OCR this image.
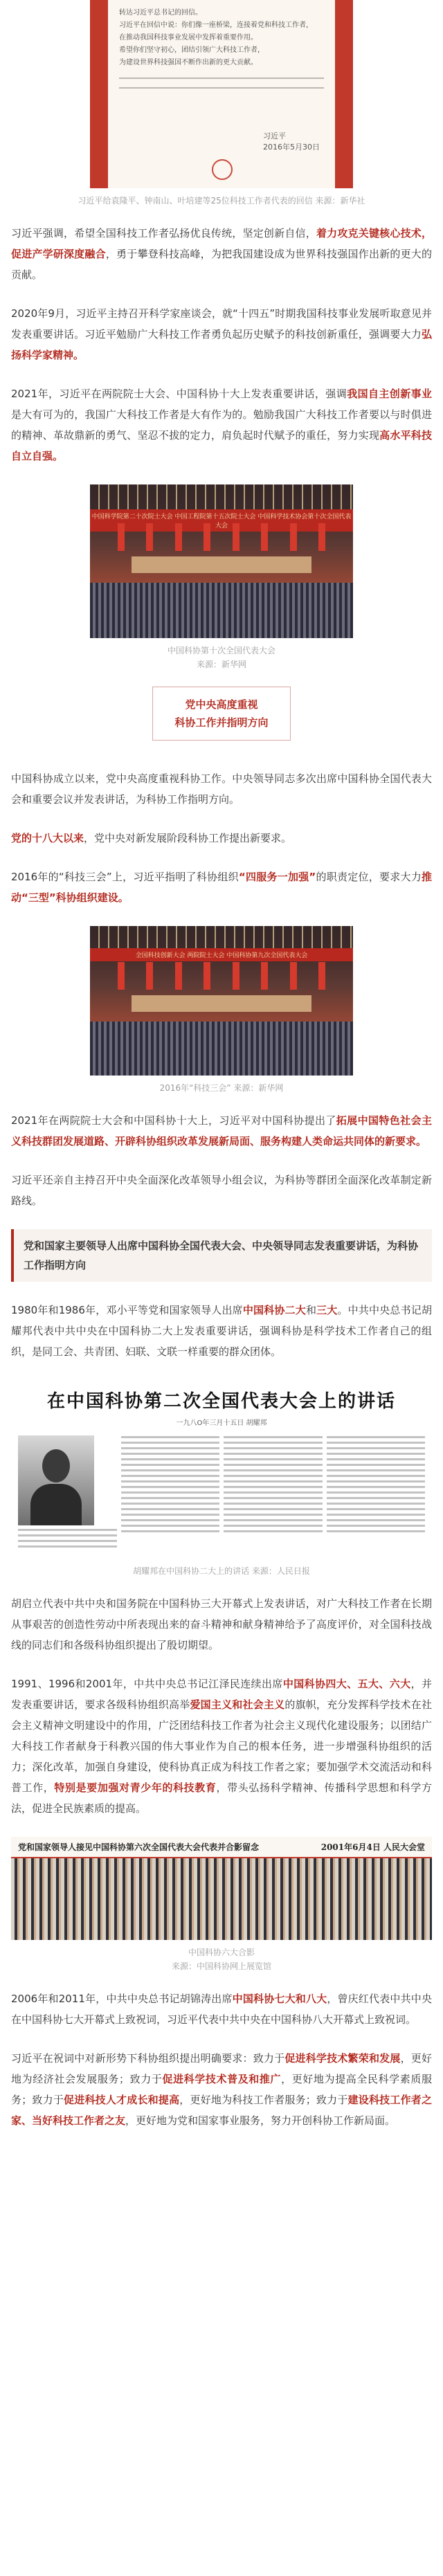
转达习近平总书记的回信。
习近平在回信中说：你们像一座桥梁，连接着党和科技工作者，
在推动我国科技事业发展中发挥着重要作用。
希望你们坚守初心，团结引领广大科技工作者，
为建设世界科技强国不断作出新的更大贡献。
习近平
2016年5月30日
习近平给袁隆平、钟南山、叶培建等25位科技工作者代表的回信 来源：新华社

习近平强调，希望全国科技工作者弘扬优良传统，坚定创新自信，着力攻克关键核心技术，促进产学研深度融合，勇于攀登科技高峰，为把我国建设成为世界科技强国作出新的更大的贡献。

2020年9月，习近平主持召开科学家座谈会，就“十四五”时期我国科技事业发展听取意见并发表重要讲话。习近平勉励广大科技工作者勇负起历史赋予的科技创新重任，强调要大力弘扬科学家精神。

2021年，习近平在两院院士大会、中国科协十大上发表重要讲话，强调我国自主创新事业是大有可为的，我国广大科技工作者是大有作为的。勉励我国广大科技工作者要以与时俱进的精神、革故鼎新的勇气、坚忍不拔的定力，肩负起时代赋予的重任，努力实现高水平科技自立自强。

中国科学院第二十次院士大会 中国工程院第十五次院士大会 中国科学技术协会第十次全国代表大会
中国科协第十次全国代表大会
来源：新华网
党中央高度重视
科协工作并指明方向

中国科协成立以来，党中央高度重视科协工作。中央领导同志多次出席中国科协全国代表大会和重要会议并发表讲话，为科协工作指明方向。

党的十八大以来，党中央对新发展阶段科协工作提出新要求。

2016年的“科技三会”上，习近平指明了科协组织“四服务一加强”的职责定位，要求大力推动“三型”科协组织建设。

全国科技创新大会 两院院士大会 中国科协第九次全国代表大会
2016年“科技三会” 来源：新华网

2021年在两院院士大会和中国科协十大上，习近平对中国科协提出了拓展中国特色社会主义科技群团发展道路、开辟科协组织改革发展新局面、服务构建人类命运共同体的新要求。

习近平还亲自主持召开中央全面深化改革领导小组会议，为科协等群团全面深化改革制定新路线。

党和国家主要领导人出席中国科协全国代表大会、中央领导同志发表重要讲话，为科协工作指明方向

1980年和1986年，邓小平等党和国家领导人出席中国科协二大和三大。中共中央总书记胡耀邦代表中共中央在中国科协二大上发表重要讲话，强调科协是科学技术工作者自己的组织，是同工会、共青团、妇联、文联一样重要的群众团体。

在中国科协第二次全国代表大会上的讲话
一九八O年三月十五日 胡耀邦
胡耀邦在中国科协二大上的讲话 来源：人民日报

胡启立代表中共中央和国务院在中国科协三大开幕式上发表讲话，对广大科技工作者在长期从事艰苦的创造性劳动中所表现出来的奋斗精神和献身精神给予了高度评价，对全国科技战线的同志们和各级科协组织提出了殷切期望。

1991、1996和2001年，中共中央总书记江泽民连续出席中国科协四大、五大、六大，并发表重要讲话，要求各级科协组织高举爱国主义和社会主义的旗帜，充分发挥科学技术在社会主义精神文明建设中的作用，广泛团结科技工作者为社会主义现代化建设服务；以团结广大科技工作者献身于科教兴国的伟大事业作为自己的根本任务，进一步增强科协组织的活力；深化改革，加强自身建设，使科协真正成为科技工作者之家；要加强学术交流活动和科普工作，特别是要加强对青少年的科技教育，带头弘扬科学精神、传播科学思想和科学方法，促进全民族素质的提高。

党和国家领导人接见中国科协第六次全国代表大会代表并合影留念	2001年6月4日 人民大会堂
中国科协六大合影
来源：中国科协网上展览馆

2006年和2011年，中共中央总书记胡锦涛出席中国科协七大和八大，曾庆红代表中共中央在中国科协七大开幕式上致祝词，习近平代表中共中央在中国科协八大开幕式上致祝词。

习近平在祝词中对新形势下科协组织提出明确要求：致力于促进科学技术繁荣和发展，更好地为经济社会发展服务；致力于促进科学技术普及和推广，更好地为提高全民科学素质服务；致力于促进科技人才成长和提高，更好地为科技工作者服务；致力于建设科技工作者之家、当好科技工作者之友，更好地为党和国家事业服务，努力开创科协工作新局面。
